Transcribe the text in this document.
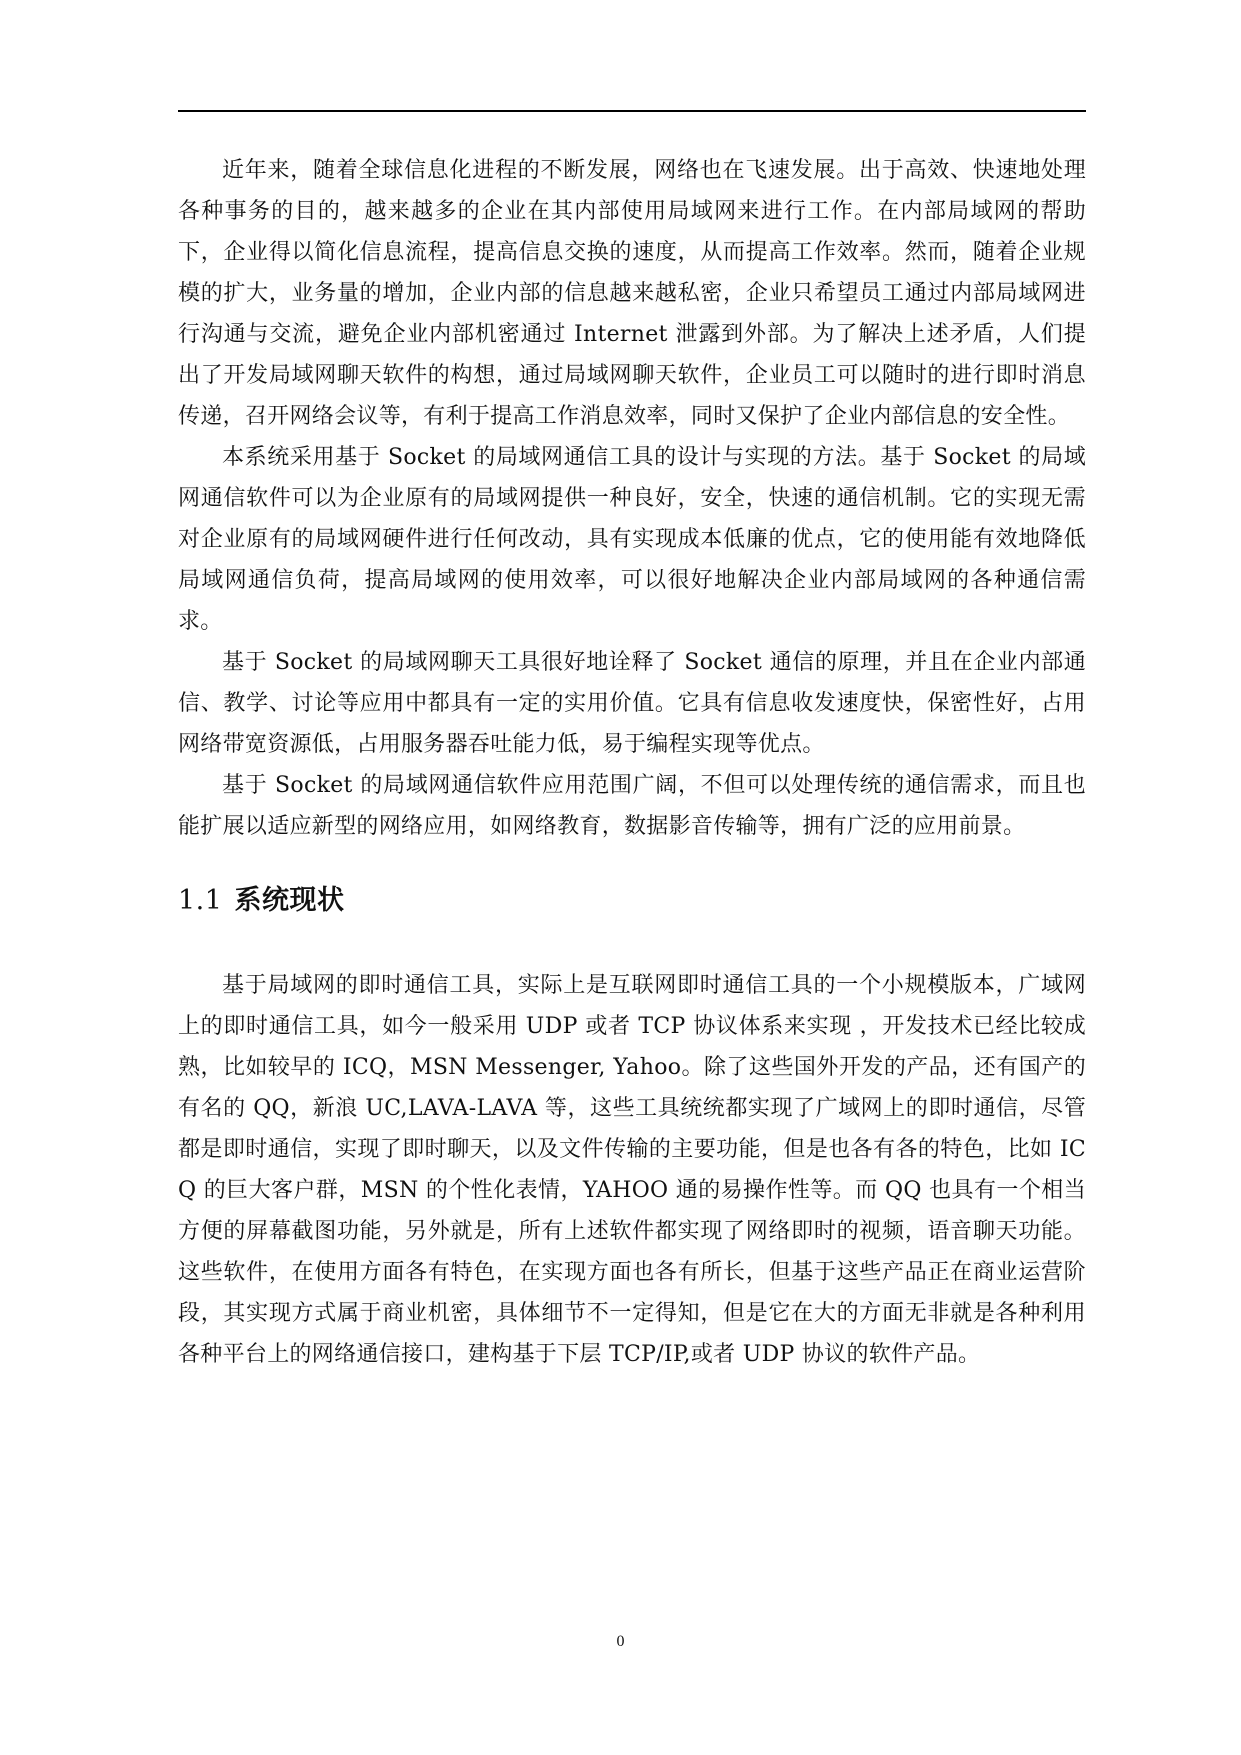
近年来，随着全球信息化进程的不断发展，网络也在飞速发展。出于高效、快速地处理各种事务的目的，越来越多的企业在其内部使用局域网来进行工作。在内部局域网的帮助下，企业得以简化信息流程，提高信息交换的速度，从而提高工作效率。然而，随着企业规模的扩大，业务量的增加，企业内部的信息越来越私密，企业只希望员工通过内部局域网进行沟通与交流，避免企业内部机密通过 Internet 泄露到外部。为了解决上述矛盾，人们提出了开发局域网聊天软件的构想，通过局域网聊天软件，企业员工可以随时的进行即时消息传递，召开网络会议等，有利于提高工作消息效率，同时又保护了企业内部信息的安全性。

本系统采用基于 Socket 的局域网通信工具的设计与实现的方法。基于 Socket 的局域网通信软件可以为企业原有的局域网提供一种良好，安全，快速的通信机制。它的实现无需对企业原有的局域网硬件进行任何改动，具有实现成本低廉的优点，它的使用能有效地降低局域网通信负荷，提高局域网的使用效率，可以很好地解决企业内部局域网的各种通信需求。

基于 Socket 的局域网聊天工具很好地诠释了 Socket 通信的原理，并且在企业内部通信、教学、讨论等应用中都具有一定的实用价值。它具有信息收发速度快，保密性好，占用网络带宽资源低，占用服务器吞吐能力低，易于编程实现等优点。

基于 Socket 的局域网通信软件应用范围广阔，不但可以处理传统的通信需求，而且也能扩展以适应新型的网络应用，如网络教育，数据影音传输等，拥有广泛的应用前景。

1.1 系统现状

基于局域网的即时通信工具，实际上是互联网即时通信工具的一个小规模版本，广域网上的即时通信工具，如今一般采用 UDP 或者 TCP 协议体系来实现 ，开发技术已经比较成熟，比如较早的 ICQ，MSN Messenger, Yahoo。除了这些国外开发的产品，还有国产的有名的 QQ，新浪 UC,LAVA-LAVA 等，这些工具统统都实现了广域网上的即时通信，尽管都是即时通信，实现了即时聊天，以及文件传输的主要功能，但是也各有各的特色，比如 ICQ 的巨大客户群，MSN 的个性化表情，YAHOO 通的易操作性等。而 QQ 也具有一个相当方便的屏幕截图功能，另外就是，所有上述软件都实现了网络即时的视频，语音聊天功能。这些软件，在使用方面各有特色，在实现方面也各有所长，但基于这些产品正在商业运营阶段，其实现方式属于商业机密，具体细节不一定得知，但是它在大的方面无非就是各种利用各种平台上的网络通信接口，建构基于下层 TCP/IP,或者 UDP 协议的软件产品。

0
